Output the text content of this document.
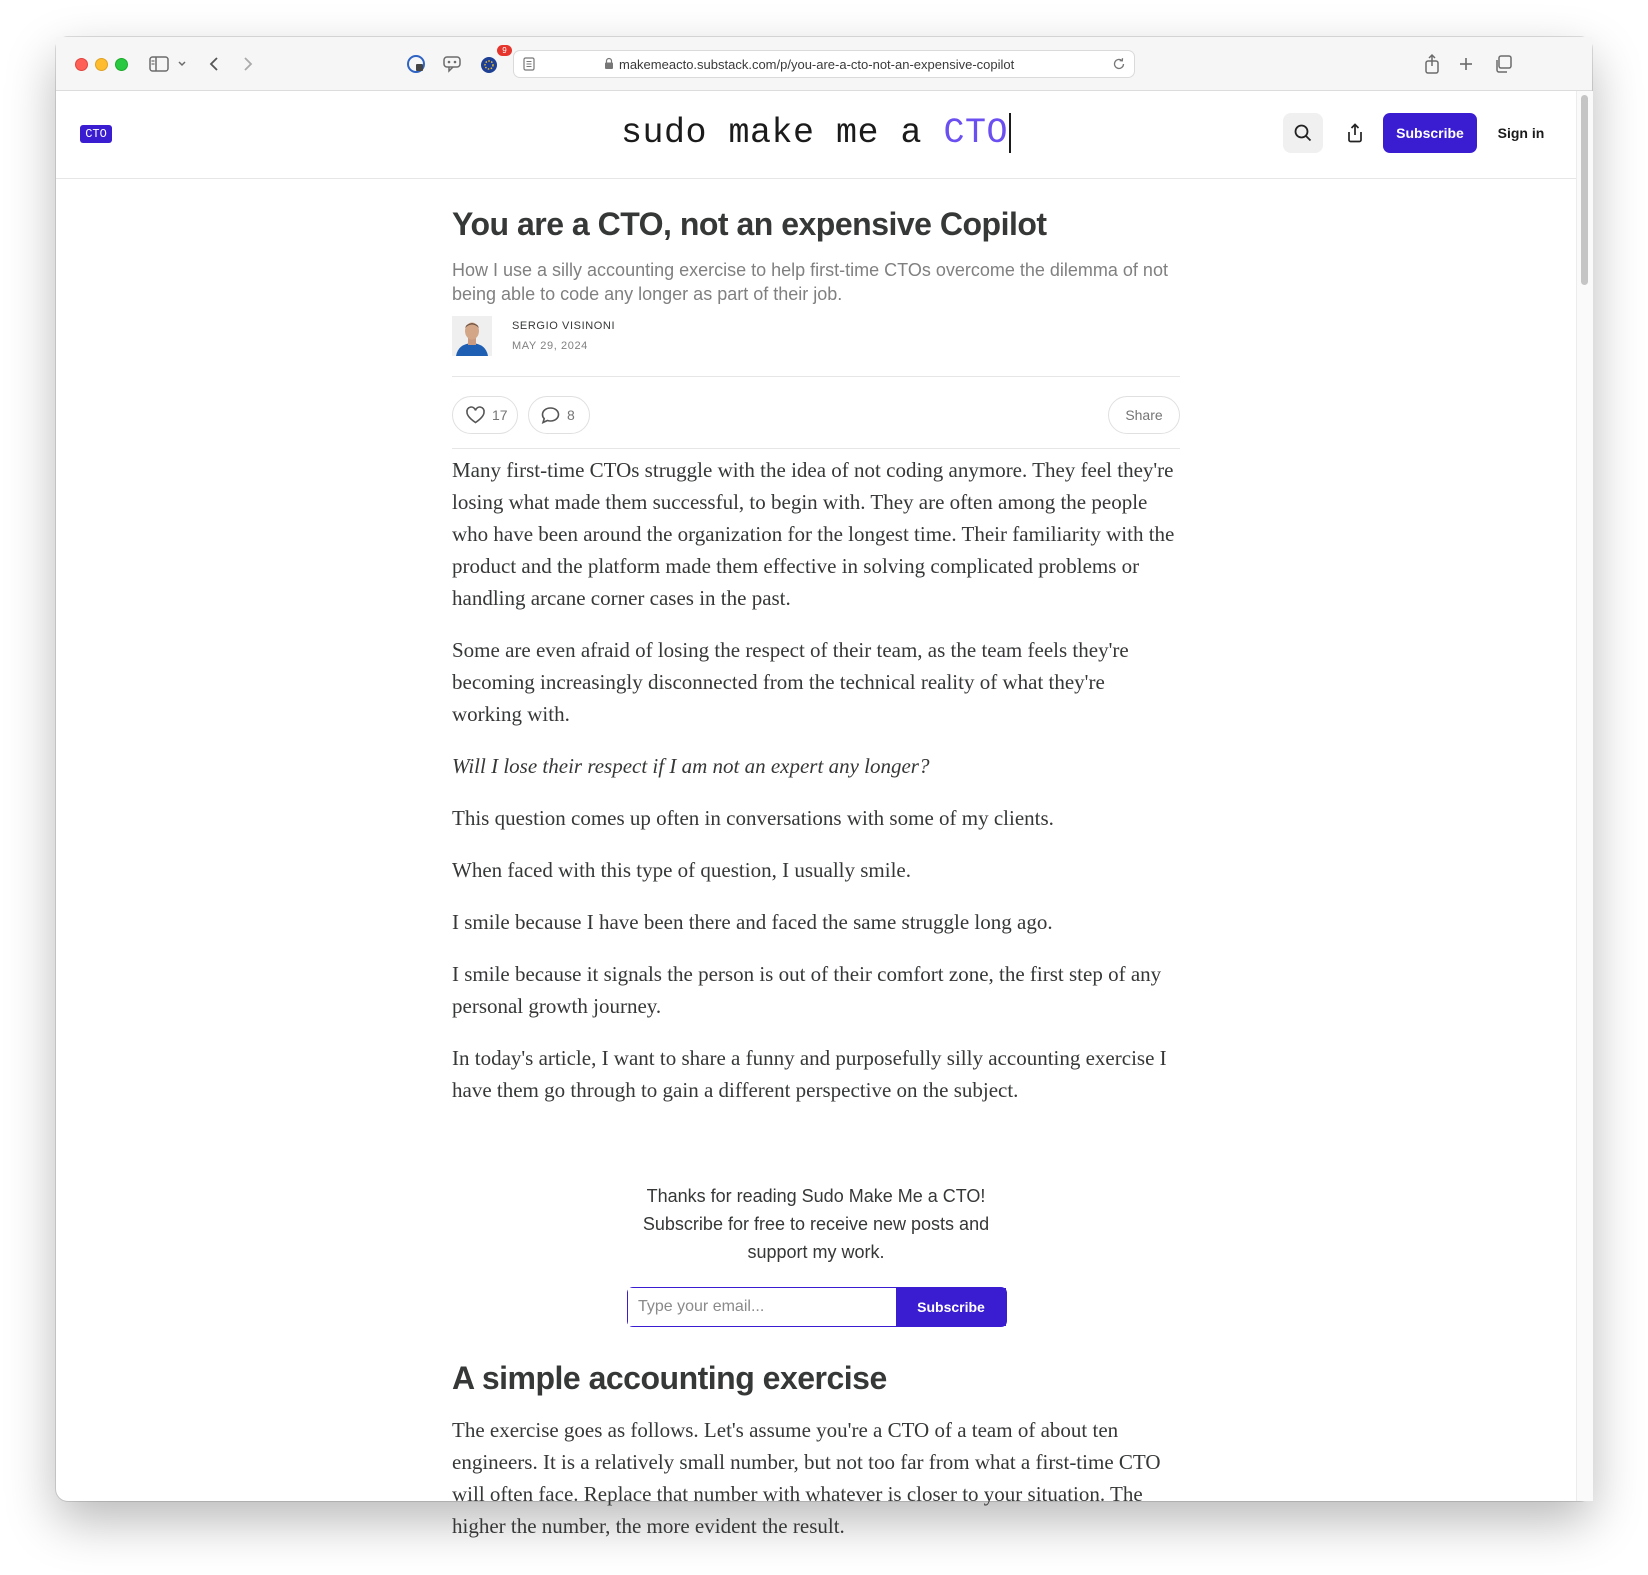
9
makemeacto.substack.com/p/you-are-a-cto-not-an-expensive-copilot
CTO	sudo make me a CTO	Subscribe	Sign in
You are a CTO, not an expensive Copilot
How I use a silly accounting exercise to help first-time CTOs overcome the dilemma of not being able to code any longer as part of their job.
SERGIO VISINONI
MAY 29, 2024
17	8	Share

Many first-time CTOs struggle with the idea of not coding anymore. They feel they're losing what made them successful, to begin with. They are often among the people who have been around the organization for the longest time. Their familiarity with the product and the platform made them effective in solving complicated problems or handling arcane corner cases in the past.

Some are even afraid of losing the respect of their team, as the team feels they're becoming increasingly disconnected from the technical reality of what they're working with.

Will I lose their respect if I am not an expert any longer?

This question comes up often in conversations with some of my clients.

When faced with this type of question, I usually smile.

I smile because I have been there and faced the same struggle long ago.

I smile because it signals the person is out of their comfort zone, the first step of any personal growth journey.

In today's article, I want to share a funny and purposefully silly accounting exercise I have them go through to gain a different perspective on the subject.

Thanks for reading Sudo Make Me a CTO!
Subscribe for free to receive new posts and
support my work.
Type your email...
Subscribe
A simple accounting exercise

The exercise goes as follows. Let's assume you're a CTO of a team of about ten engineers. It is a relatively small number, but not too far from what a first-time CTO will often face. Replace that number with whatever is closer to your situation. The higher the number, the more evident the result.
